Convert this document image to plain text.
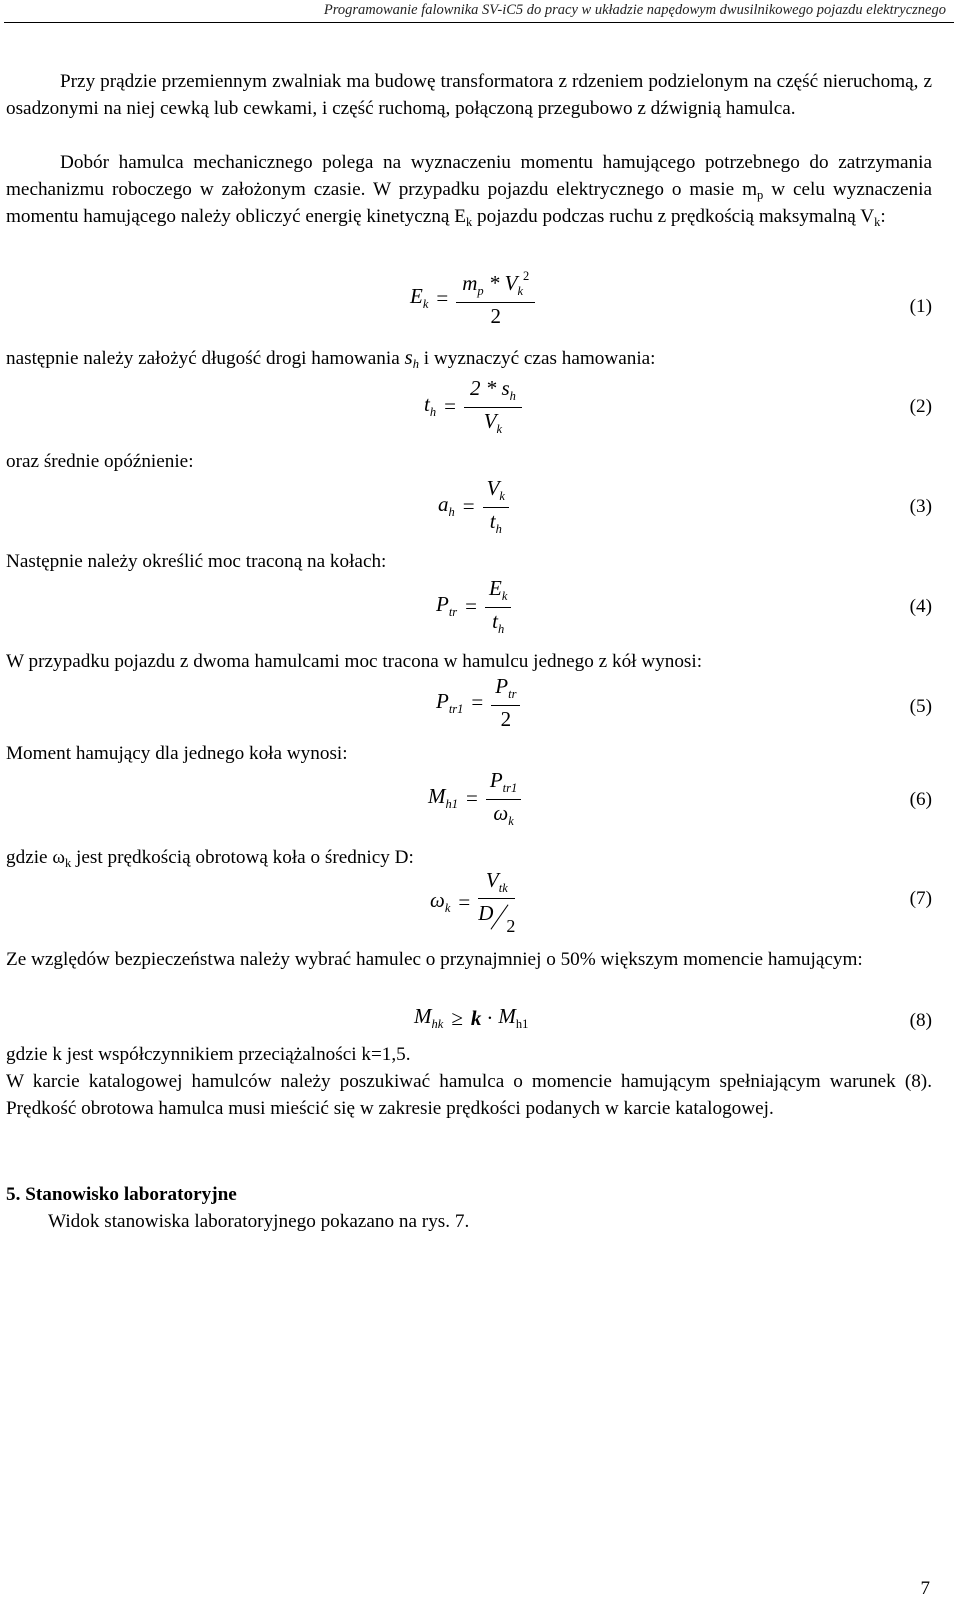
Programowanie falownika SV-iC5 do pracy w układzie napędowym dwusilnikowego pojazdu elektrycznego

Przy prądzie przemiennym zwalniak ma budowę transformatora z rdzeniem podzielonym na część nieruchomą, z osadzonymi na niej cewką lub cewkami, i część ruchomą, połączoną przegubowo z dźwignią hamulca.

Dobór hamulca mechanicznego polega na wyznaczeniu momentu hamującego potrzebnego do zatrzymania mechanizmu roboczego w założonym czasie. W przypadku pojazdu elektrycznego o masie $m_p$ w celu wyznaczenia momentu hamującego należy obliczyć energię kinetyczną $E_k$ pojazdu podczas ruchu z prędkością maksymalną $V_k$:

$E_k = \frac{m_p * V_k^2}{2}$	(1)
następnie należy założyć długość drogi hamowania $s_h$ i wyznaczyć czas hamowania:
$t_h = \frac{2 * s_h}{V_k}$	(2)
oraz średnie opóźnienie:
$a_h = \frac{V_k}{t_h}$	(3)
Następnie należy określić moc traconą na kołach:
$P_{tr} = \frac{E_k}{t_h}$	(4)
W przypadku pojazdu z dwoma hamulcami moc tracona w hamulcu jednego z kół wynosi:
$P_{tr1} = \frac{P_{tr}}{2}$	(5)
Moment hamujący dla jednego koła wynosi:
$M_{h1} = \frac{P_{tr1}}{\omega_k}$	(6)
gdzie $\omega_k$ jest prędkością obrotową koła o średnicy D:
$\omega_k = \frac{V_{tk}}{D2}$	(7)

Ze względów bezpieczeństwa należy wybrać hamulec o przynajmniej o 50% większym momencie hamującym:

$M_{hk} \ge k \cdot M_{h1}$	(8)
gdzie k jest współczynnikiem przeciążalności k=1,5.

W karcie katalogowej hamulców należy poszukiwać hamulca o momencie hamującym spełniającym warunek (8). Prędkość obrotowa hamulca musi mieścić się w zakresie prędkości podanych w karcie katalogowej.

5. Stanowisko laboratoryjne
Widok stanowiska laboratoryjnego pokazano na rys. 7.
7
